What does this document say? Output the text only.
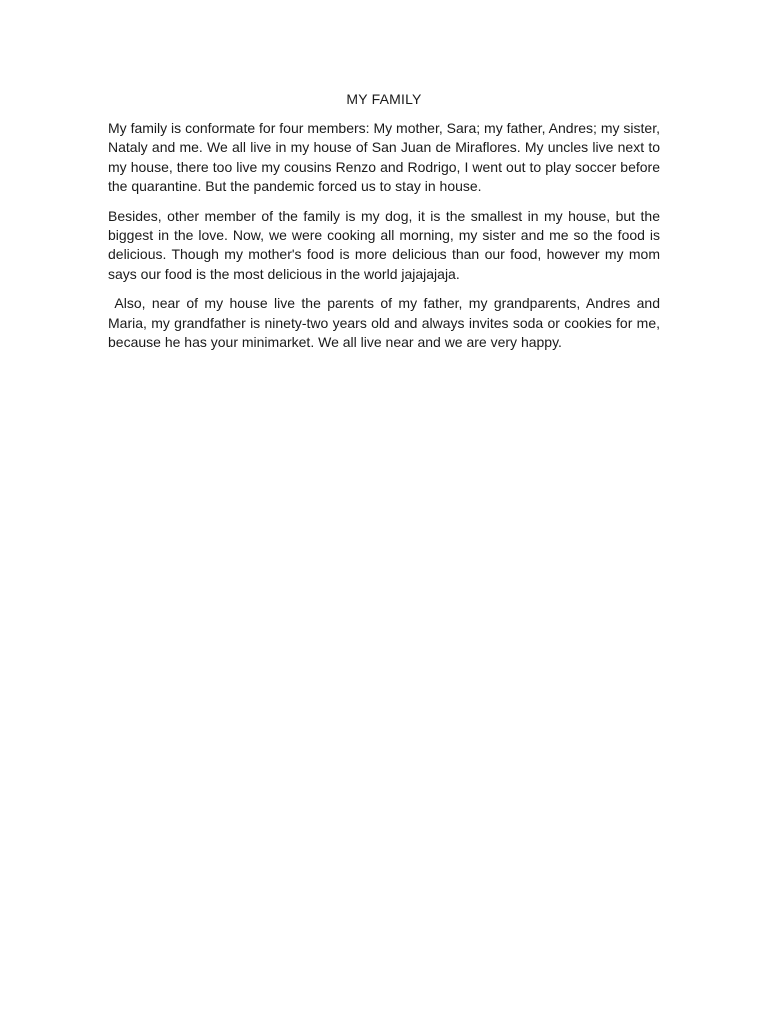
MY FAMILY

My family is conformate for four members: My mother, Sara; my father, Andres; my sister, Nataly and me. We all live in my house of San Juan de Miraflores. My uncles live next to my house, there too live my cousins Renzo and Rodrigo, I went out to play soccer before the quarantine. But the pandemic forced us to stay in house.

Besides, other member of the family is my dog, it is the smallest in my house, but the biggest in the love. Now, we were cooking all morning, my sister and me so the food is delicious. Though my mother's food is more delicious than our food, however my mom says our food is the most delicious in the world jajajajaja.

Also, near of my house live the parents of my father, my grandparents, Andres and Maria, my grandfather is ninety-two years old and always invites soda or cookies for me, because he has your minimarket. We all live near and we are very happy.
